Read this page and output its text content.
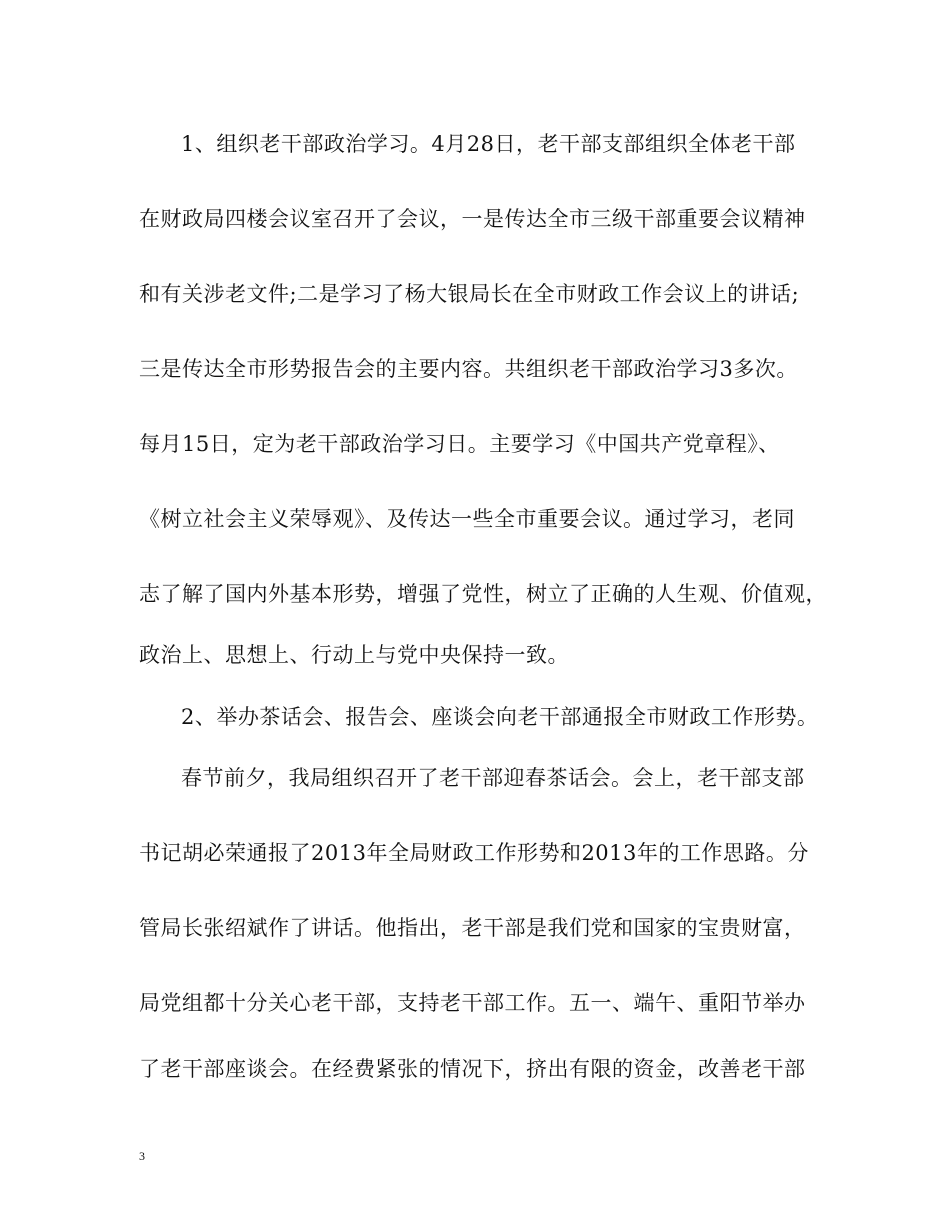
1、组织老干部政治学习。4月28日，老干部支部组织全体老干部
在财政局四楼会议室召开了会议，一是传达全市三级干部重要会议精神
和有关涉老文件;二是学习了杨大银局长在全市财政工作会议上的讲话;
三是传达全市形势报告会的主要内容。共组织老干部政治学习3多次。
每月15日，定为老干部政治学习日。主要学习《中国共产党章程》、
《树立社会主义荣辱观》、及传达一些全市重要会议。通过学习，老同
志了解了国内外基本形势，增强了党性，树立了正确的人生观、价值观，
政治上、思想上、行动上与党中央保持一致。
2、举办茶话会、报告会、座谈会向老干部通报全市财政工作形势。
春节前夕，我局组织召开了老干部迎春茶话会。会上，老干部支部
书记胡必荣通报了2013年全局财政工作形势和2013年的工作思路。分
管局长张绍斌作了讲话。他指出，老干部是我们党和国家的宝贵财富，
局党组都十分关心老干部，支持老干部工作。五一、端午、重阳节举办
了老干部座谈会。在经费紧张的情况下，挤出有限的资金，改善老干部
3
